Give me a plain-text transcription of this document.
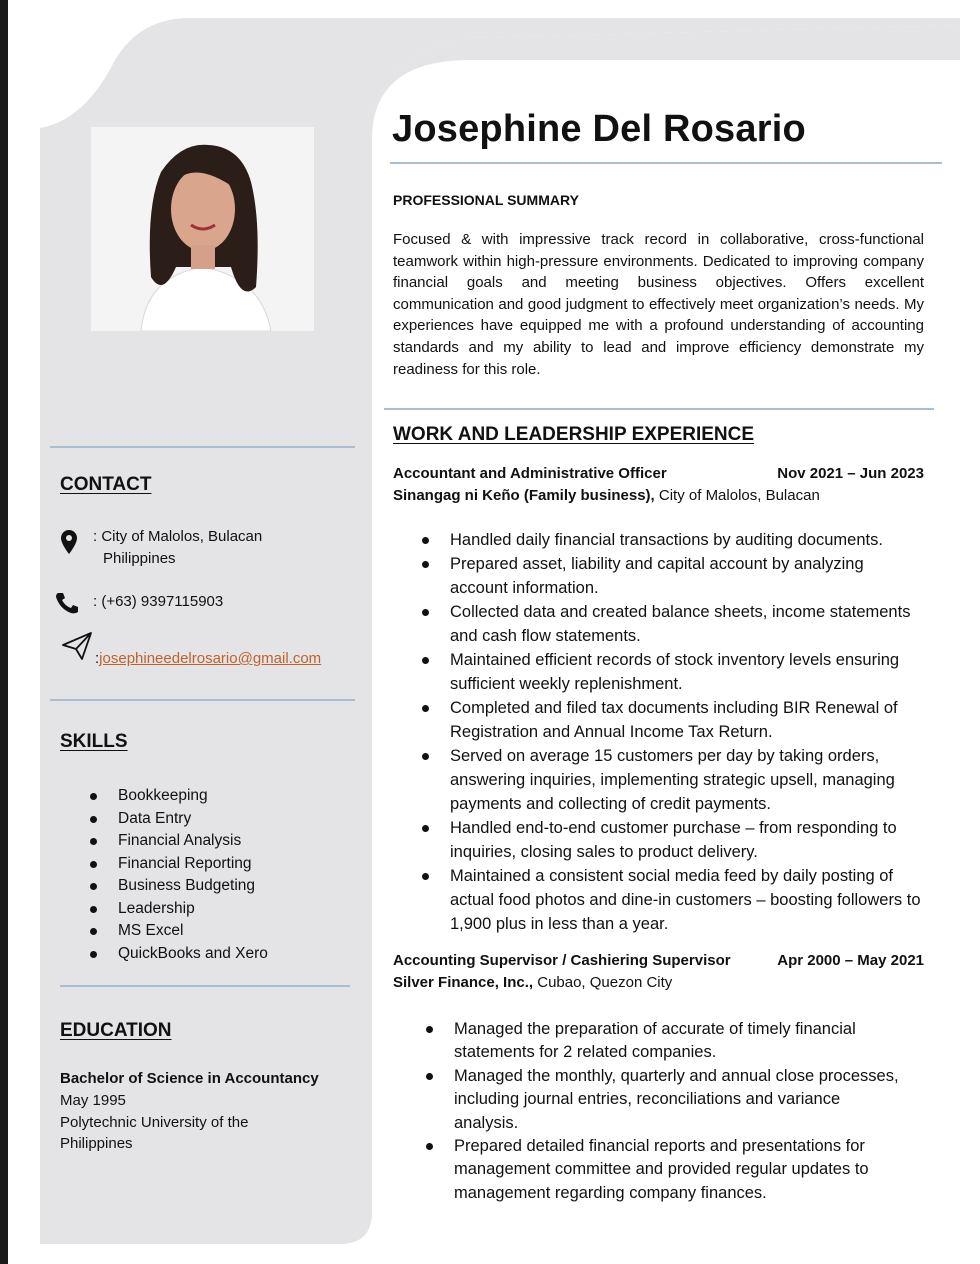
Josephine Del Rosario
PROFESSIONAL SUMMARY

Focused & with impressive track record in collaborative, cross-functional teamwork within high-pressure environments. Dedicated to improving company financial goals and meeting business objectives. Offers excellent communication and good judgment to effectively meet organization’s needs. My experiences have equipped me with a profound understanding of accounting standards and my ability to lead and improve efficiency demonstrate my readiness for this role.

WORK AND LEADERSHIP EXPERIENCE
Accountant and Administrative Officer	Nov 2021 – Jun 2023
Sinangag ni Keño (Family business), City of Malolos, Bulacan
Handled daily financial transactions by auditing documents.
Prepared asset, liability and capital account by analyzing account information.
Collected data and created balance sheets, income statements and cash flow statements.
Maintained efficient records of stock inventory levels ensuring sufficient weekly replenishment.
Completed and filed tax documents including BIR Renewal of Registration and Annual Income Tax Return.
Served on average 15 customers per day by taking orders, answering inquiries, implementing strategic upsell, managing payments and collecting of credit payments.
Handled end-to-end customer purchase – from responding to inquiries, closing sales to product delivery.
Maintained a consistent social media feed by daily posting of actual food photos and dine-in customers – boosting followers to 1,900 plus in less than a year.
Accounting Supervisor / Cashiering Supervisor	Apr 2000 – May 2021
Silver Finance, Inc., Cubao, Quezon City
Managed the preparation of accurate of timely financial statements for 2 related companies.
Managed the monthly, quarterly and annual close processes, including journal entries, reconciliations and variance analysis.
Prepared detailed financial reports and presentations for management committee and provided regular updates to management regarding company finances.
CONTACT
: City of Malolos, Bulacan
Philippines
: (+63) 9397115903
:josephineedelrosario@gmail.com
SKILLS
Bookkeeping
Data Entry
Financial Analysis
Financial Reporting
Business Budgeting
Leadership
MS Excel
QuickBooks and Xero
EDUCATION
Bachelor of Science in Accountancy
May 1995
Polytechnic University of the
Philippines
